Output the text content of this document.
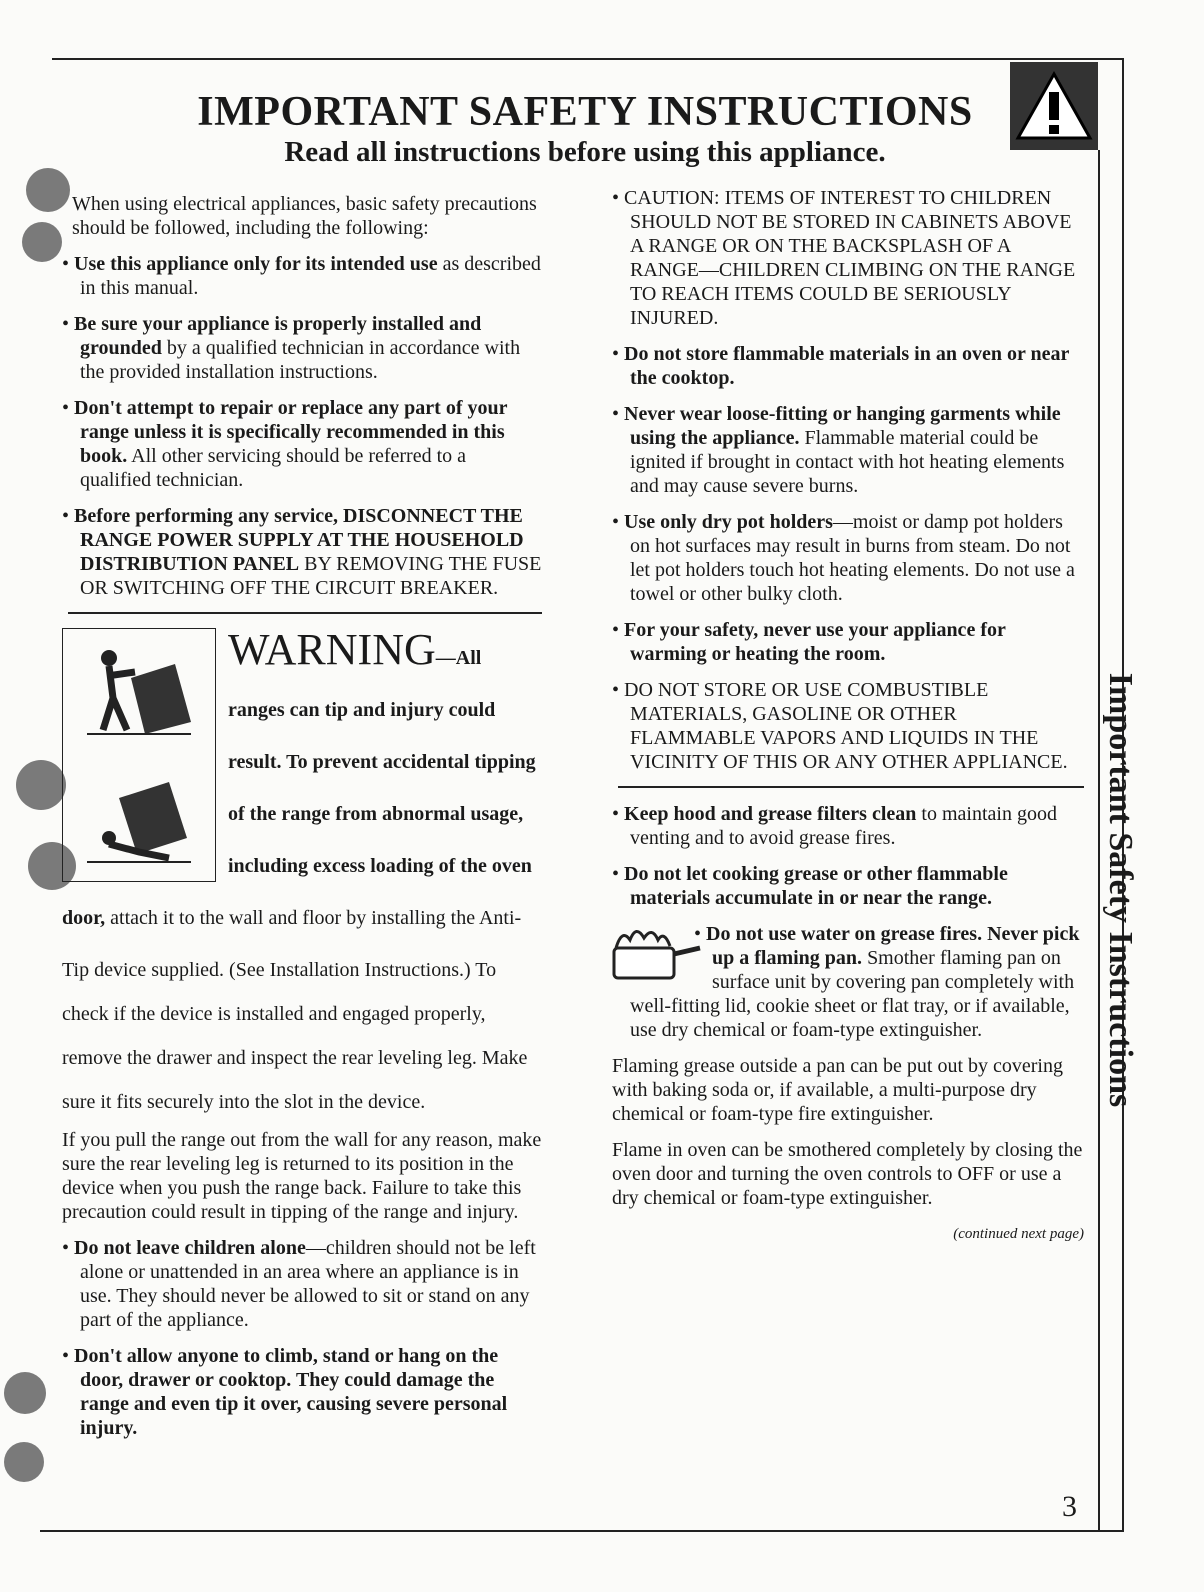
IMPORTANT SAFETY INSTRUCTIONS
Read all instructions before using this appliance.
Important Safety Instructions

When using electrical appliances, basic safety precautions should be followed, including the following:

• Use this appliance only for its intended use as described in this manual.

• Be sure your appliance is properly installed and grounded by a qualified technician in accordance with the provided installation instructions.

• Don't attempt to repair or replace any part of your range unless it is specifically recommended in this book. All other servicing should be referred to a qualified technician.

• Before performing any service, DISCONNECT THE RANGE POWER SUPPLY AT THE HOUSEHOLD DISTRIBUTION PANEL BY REMOVING THE FUSE OR SWITCHING OFF THE CIRCUIT BREAKER.

WARNING—All ranges can tip and injury could result. To prevent accidental tipping of the range from abnormal usage, including excess loading of the oven door, attach it to the wall and floor by installing the Anti-Tip device supplied. (See Installation Instructions.) To check if the device is installed and engaged properly, remove the drawer and inspect the rear leveling leg. Make sure it fits securely into the slot in the device.

If you pull the range out from the wall for any reason, make sure the rear leveling leg is returned to its position in the device when you push the range back. Failure to take this precaution could result in tipping of the range and injury.

• Do not leave children alone—children should not be left alone or unattended in an area where an appliance is in use. They should never be allowed to sit or stand on any part of the appliance.

• Don't allow anyone to climb, stand or hang on the door, drawer or cooktop. They could damage the range and even tip it over, causing severe personal injury.

• CAUTION: ITEMS OF INTEREST TO CHILDREN SHOULD NOT BE STORED IN CABINETS ABOVE A RANGE OR ON THE BACKSPLASH OF A RANGE—CHILDREN CLIMBING ON THE RANGE TO REACH ITEMS COULD BE SERIOUSLY INJURED.

• Do not store flammable materials in an oven or near the cooktop.

• Never wear loose-fitting or hanging garments while using the appliance. Flammable material could be ignited if brought in contact with hot heating elements and may cause severe burns.

• Use only dry pot holders—moist or damp pot holders on hot surfaces may result in burns from steam. Do not let pot holders touch hot heating elements. Do not use a towel or other bulky cloth.

• For your safety, never use your appliance for warming or heating the room.

• DO NOT STORE OR USE COMBUSTIBLE MATERIALS, GASOLINE OR OTHER FLAMMABLE VAPORS AND LIQUIDS IN THE VICINITY OF THIS OR ANY OTHER APPLIANCE.

• Keep hood and grease filters clean to maintain good venting and to avoid grease fires.

• Do not let cooking grease or other flammable materials accumulate in or near the range.

• Do not use water on grease fires. Never pick up a flaming pan. Smother flaming pan on surface unit by covering pan completely with well-fitting lid, cookie sheet or flat tray, or if available, use dry chemical or foam-type extinguisher.

Flaming grease outside a pan can be put out by covering with baking soda or, if available, a multi-purpose dry chemical or foam-type fire extinguisher.

Flame in oven can be smothered completely by closing the oven door and turning the oven controls to OFF or use a dry chemical or foam-type extinguisher.

(continued next page)

3
